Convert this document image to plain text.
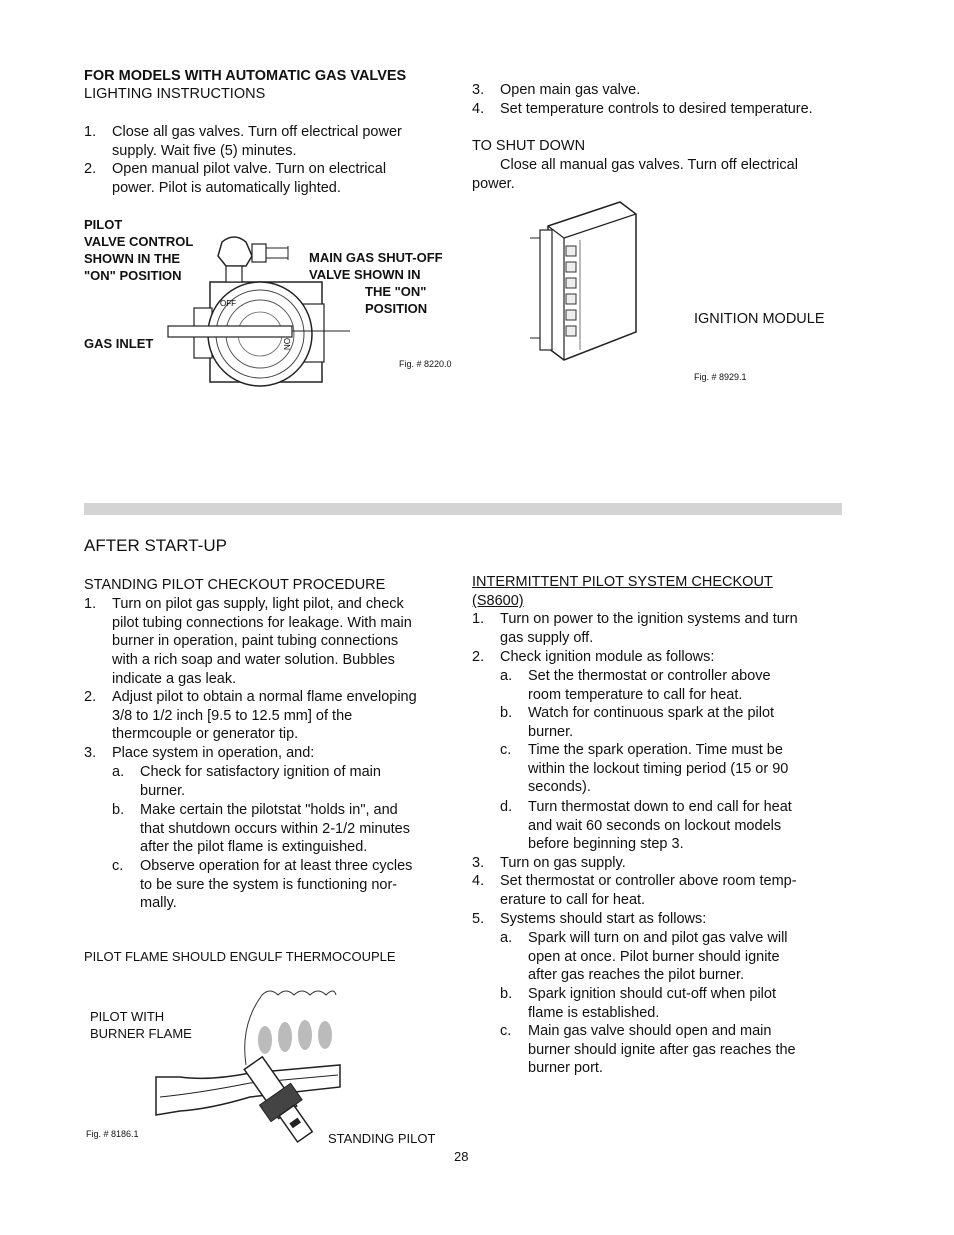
FOR MODELS WITH AUTOMATIC GAS VALVES
LIGHTING INSTRUCTIONS
1. Close all gas valves. Turn off electrical power
supply. Wait five (5) minutes.
2. Open manual pilot valve. Turn on electrical
power. Pilot is automatically lighted.
PILOT
VALVE CONTROL
SHOWN IN THE
"ON" POSITION
MAIN GAS SHUT-OFF
VALVE SHOWN IN
THE "ON"
POSITION
GAS INLET
Fig. # 8220.0
OFF
ON
3. Open main gas valve.
4. Set temperature controls to desired temperature.
TO SHUT DOWN
Close all manual gas valves. Turn off electrical
power.
IGNITION MODULE
Fig. # 8929.1
AFTER START-UP
STANDING PILOT CHECKOUT PROCEDURE
1. Turn on pilot gas supply, light pilot, and check
pilot tubing connections for leakage. With main
burner in operation, paint tubing connections
with a rich soap and water solution. Bubbles
indicate a gas leak.
2. Adjust pilot to obtain a normal flame enveloping
3/8 to 1/2 inch [9.5 to 12.5 mm] of the
thermcouple or generator tip.
3. Place system in operation, and:
a. Check for satisfactory ignition of main
burner.
b. Make certain the pilotstat "holds in", and
that shutdown occurs within 2-1/2 minutes
after the pilot flame is extinguished.
c. Observe operation for at least three cycles
to be sure the system is functioning nor-
mally.
PILOT FLAME SHOULD ENGULF THERMOCOUPLE
PILOT WITH
BURNER FLAME
Fig. # 8186.1	STANDING PILOT
INTERMITTENT PILOT SYSTEM CHECKOUT
(S8600)
1. Turn on power to the ignition systems and turn
gas supply off.
2. Check ignition module as follows:
a. Set the thermostat or controller above
room temperature to call for heat.
b. Watch for continuous spark at the pilot
burner.
c. Time the spark operation. Time must be
within the lockout timing period (15 or 90
seconds).
d. Turn thermostat down to end call for heat
and wait 60 seconds on lockout models
before beginning step 3.
3. Turn on gas supply.
4. Set thermostat or controller above room temp-
erature to call for heat.
5. Systems should start as follows:
a. Spark will turn on and pilot gas valve will
open at once. Pilot burner should ignite
after gas reaches the pilot burner.
b. Spark ignition should cut-off when pilot
flame is established.
c. Main gas valve should open and main
burner should ignite after gas reaches the
burner port.
28
